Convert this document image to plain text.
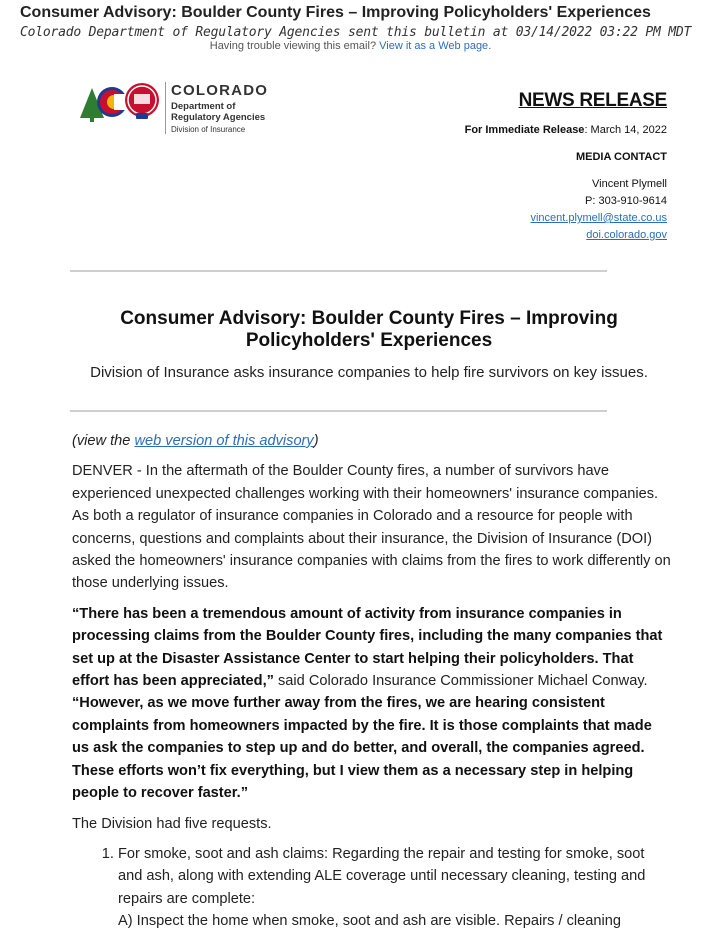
Consumer Advisory: Boulder County Fires – Improving Policyholders' Experiences
Colorado Department of Regulatory Agencies sent this bulletin at 03/14/2022 03:22 PM MDT
Having trouble viewing this email? View it as a Web page.
COLORADO
Department of
Regulatory Agencies
Division of Insurance
NEWS RELEASE

For Immediate Release: March 14, 2022

MEDIA CONTACT

Vincent Plymell

P: 303-910-9614

vincent.plymell@state.co.us

doi.colorado.gov

Consumer Advisory: Boulder County Fires – Improving Policyholders' Experiences
Division of Insurance asks insurance companies to help fire survivors on key issues.

(view the web version of this advisory)

DENVER - In the aftermath of the Boulder County fires, a number of survivors have experienced unexpected challenges working with their homeowners' insurance companies. As both a regulator of insurance companies in Colorado and a resource for people with concerns, questions and complaints about their insurance, the Division of Insurance (DOI) asked the homeowners' insurance companies with claims from the fires to work differently on those underlying issues.

“There has been a tremendous amount of activity from insurance companies in processing claims from the Boulder County fires, including the many companies that set up at the Disaster Assistance Center to start helping their policyholders. That effort has been appreciated,” said Colorado Insurance Commissioner Michael Conway. “However, as we move further away from the fires, we are hearing consistent complaints from homeowners impacted by the fire. It is those complaints that made us ask the companies to step up and do better, and overall, the companies agreed. These efforts won’t fix everything, but I view them as a necessary step in helping people to recover faster.”

The Division had five requests.

1. For smoke, soot and ash claims: Regarding the repair and testing for smoke, soot and ash, along with extending ALE coverage until necessary cleaning, testing and repairs are complete:
A) Inspect the home when smoke, soot and ash are visible. Repairs / cleaning
